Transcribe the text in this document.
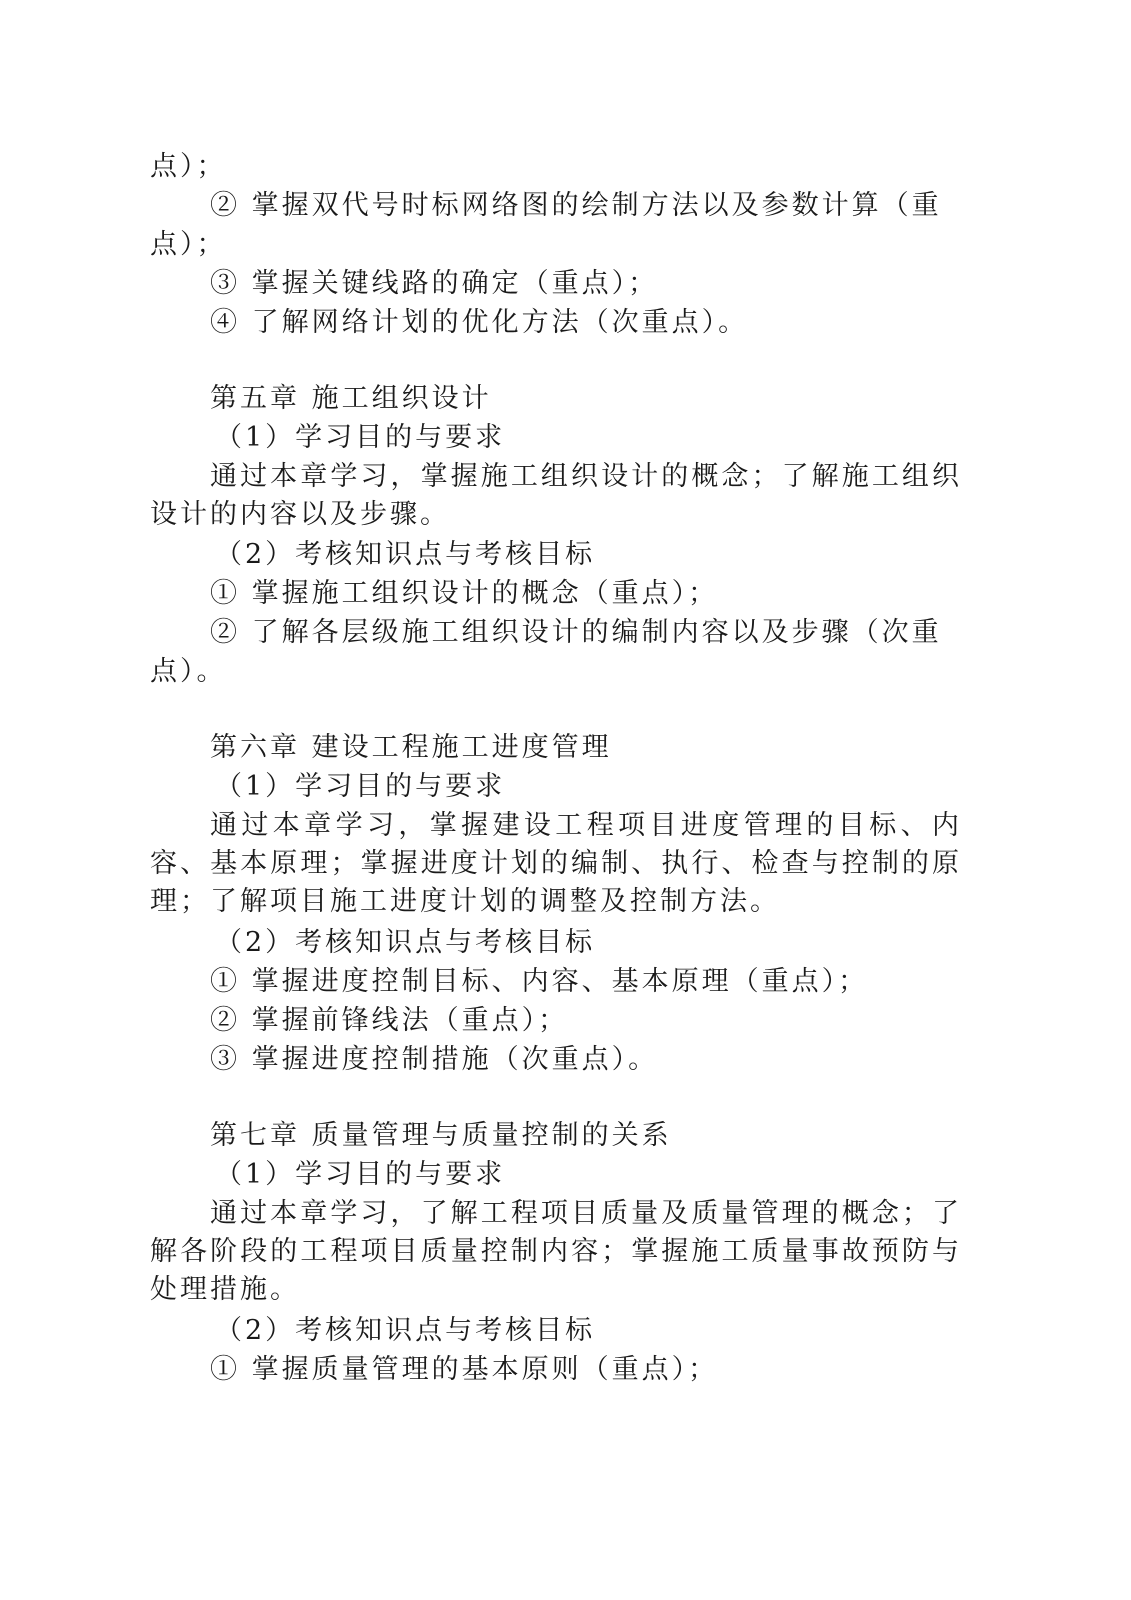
点）；
② 掌握双代号时标网络图的绘制方法以及参数计算（重
点）；
③ 掌握关键线路的确定（重点）；
④ 了解网络计划的优化方法（次重点）。
第五章 施工组织设计
（1）学习目的与要求
通过本章学习，掌握施工组织设计的概念；了解施工组织设计的内容以及步骤。
（2）考核知识点与考核目标
① 掌握施工组织设计的概念（重点）；
② 了解各层级施工组织设计的编制内容以及步骤（次重
点）。
第六章 建设工程施工进度管理
（1）学习目的与要求
通过本章学习，掌握建设工程项目进度管理的目标、内容、基本原理；掌握进度计划的编制、执行、检查与控制的原理；了解项目施工进度计划的调整及控制方法。
（2）考核知识点与考核目标
① 掌握进度控制目标、内容、基本原理（重点）；
② 掌握前锋线法（重点）；
③ 掌握进度控制措施（次重点）。
第七章 质量管理与质量控制的关系
（1）学习目的与要求
通过本章学习，了解工程项目质量及质量管理的概念；了解各阶段的工程项目质量控制内容；掌握施工质量事故预防与处理措施。
（2）考核知识点与考核目标
① 掌握质量管理的基本原则（重点）；
